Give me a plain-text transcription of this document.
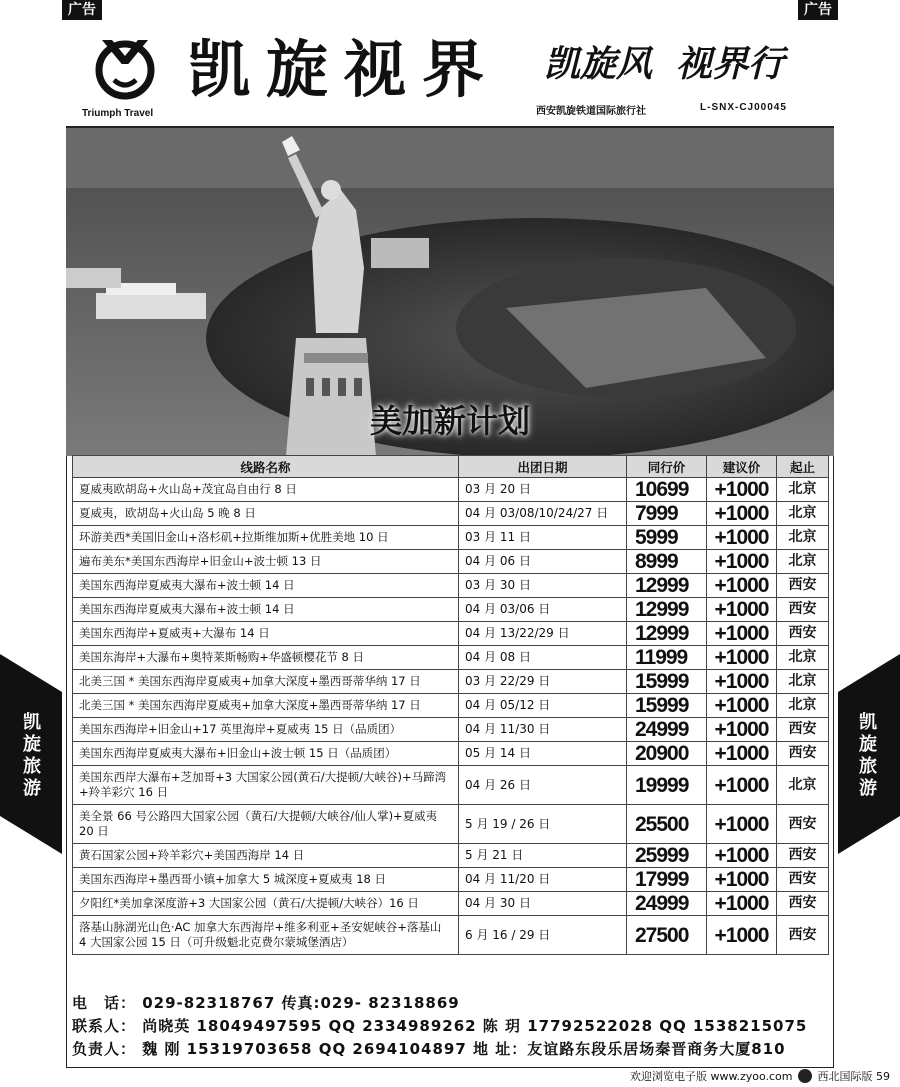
广告	广告
Triumph Travel
凯旋视界 凯旋风 视界行
西安凯旋铁道国际旅行社	L-SNX-CJ00045
美加新计划
线路名称	出团日期	同行价	建议价	起止
夏威夷欧胡岛+火山岛+茂宜岛自由行 8 日	03 月 20 日	10699	+1000	北京
夏威夷，欧胡岛+火山岛 5 晚 8 日	04 月 03/08/10/24/27 日	7999	+1000	北京
环游美西*美国旧金山+洛杉矶+拉斯维加斯+优胜美地 10 日	03 月 11 日	5999	+1000	北京
遍布美东*美国东西海岸+旧金山+波士顿 13 日	04 月 06 日	8999	+1000	北京
美国东西海岸夏威夷大瀑布+波士顿 14 日	03 月 30 日	12999	+1000	西安
美国东西海岸夏威夷大瀑布+波士顿 14 日	04 月 03/06 日	12999	+1000	西安
美国东西海岸+夏威夷+大瀑布 14 日	04 月 13/22/29 日	12999	+1000	西安
美国东海岸+大瀑布+奥特莱斯畅购+华盛顿樱花节 8 日	04 月 08 日	11999	+1000	北京
北美三国 * 美国东西海岸夏威夷+加拿大深度+墨西哥蒂华纳 17 日	03 月 22/29 日	15999	+1000	北京
北美三国 * 美国东西海岸夏威夷+加拿大深度+墨西哥蒂华纳 17 日	04 月 05/12 日	15999	+1000	北京
美国东西海岸+旧金山+17 英里海岸+夏威夷 15 日（品质团）	04 月 11/30 日	24999	+1000	西安
美国东西海岸夏威夷大瀑布+旧金山+波士顿 15 日（品质团）	05 月 14 日	20900	+1000	西安
美国东西岸大瀑布+芝加哥+3 大国家公园(黄石/大提顿/大峡谷)+马蹄湾+羚羊彩穴 16 日	04 月 26 日	19999	+1000	北京
美全景 66 号公路四大国家公园（黄石/大提顿/大峡谷/仙人掌)+夏威夷 20 日	5 月 19 / 26 日	25500	+1000	西安
黄石国家公园+羚羊彩穴+美国西海岸 14 日	5 月 21 日	25999	+1000	西安
美国东西海岸+墨西哥小镇+加拿大 5 城深度+夏威夷 18 日	04 月 11/20 日	17999	+1000	西安
夕阳红*美加拿深度游+3 大国家公园（黄石/大提顿/大峡谷）16 日	04 月 30 日	24999	+1000	西安
落基山脉湖光山色·AC 加拿大东西海岸+维多利亚+圣安妮峡谷+落基山 4 大国家公园 15 日（可升级魁北克费尔蒙城堡酒店）	6 月 16 / 29 日	27500	+1000	西安
凯旋旅游
凯旋旅游
电　话： 029-82318767 传真:029- 82318869
联系人： 尚晓英 18049497595 QQ 2334989262 陈 玥 17792522028 QQ 1538215075
负责人： 魏 刚 15319703658 QQ 2694104897 地 址：友谊路东段乐居场秦晋商务大厦810
欢迎浏览电子版 www.zyoo.com 西北国际版 59
